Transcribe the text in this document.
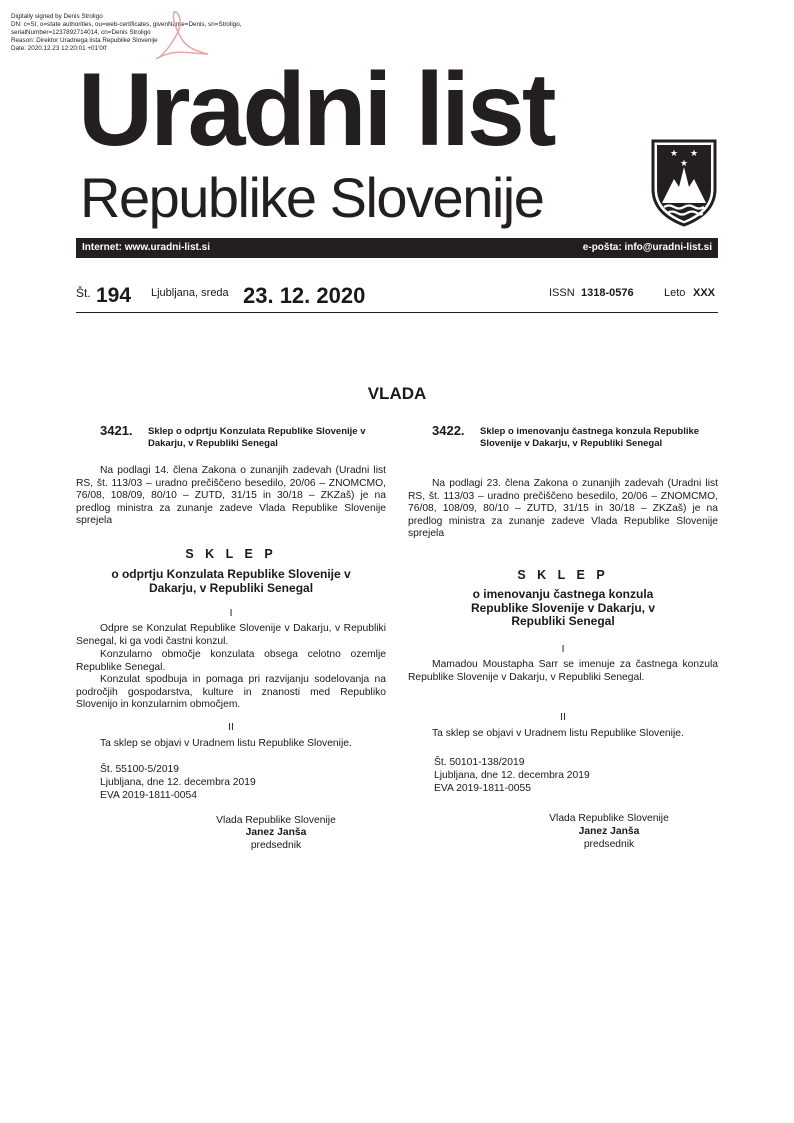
Digitally signed by Denis Stroligo
DN: c=SI, o=state authorities, ou=web-certificates, givenName=Denis, sn=Stroligo,
serialNumber=1237892714014, cn=Denis Stroligo
Reason: Direktor Uradnega lista Republike Slovenije
Date: 2020.12.23 12:20:01 +01'00'
Uradni list
Republike Slovenije
★ ★
★
Internet: www.uradni-list.si	e-pošta: info@uradni-list.si
Št. 194 Ljubljana, sreda 23. 12. 2020	ISSN 1318-0576	Leto XXX
VLADA
3421. Sklep o odprtju Konzulata Republike Slovenije v Dakarju, v Republiki Senegal

Na podlagi 14. člena Zakona o zunanjih zadevah (Uradni list RS, št. 113/03 – uradno prečiščeno besedilo, 20/06 – ZNOMCMO, 76/08, 108/09, 80/10 – ZUTD, 31/15 in 30/18 – ZKZaš) je na predlog ministra za zunanje zadeve Vlada Republike Slovenije sprejela

S K L E P
o odprtju Konzulata Republike Slovenije v Dakarju, v Republiki Senegal
I

Odpre se Konzulat Republike Slovenije v Dakarju, v Republiki Senegal, ki ga vodi častni konzul.

Konzularno območje konzulata obsega celotno ozemlje Republike Senegal.

Konzulat spodbuja in pomaga pri razvijanju sodelovanja na področjih gospodarstva, kulture in znanosti med Republiko Slovenijo in konzularnim območjem.

II

Ta sklep se objavi v Uradnem listu Republike Slovenije.

Št. 55100-5/2019
Ljubljana, dne 12. decembra 2019
EVA 2019-1811-0054
Vlada Republike Slovenije
Janez Janša
predsednik
3422. Sklep o imenovanju častnega konzula Republike Slovenije v Dakarju, v Republiki Senegal

Na podlagi 23. člena Zakona o zunanjih zadevah (Uradni list RS, št. 113/03 – uradno prečiščeno besedilo, 20/06 – ZNOMCMO, 76/08, 108/09, 80/10 – ZUTD, 31/15 in 30/18 – ZKZaš) je na predlog ministra za zunanje zadeve Vlada Republike Slovenije sprejela

S K L E P
o imenovanju častnega konzula Republike Slovenije v Dakarju, v Republiki Senegal
I

Mamadou Moustapha Sarr se imenuje za častnega konzula Republike Slovenije v Dakarju, v Republiki Senegal.

II

Ta sklep se objavi v Uradnem listu Republike Slovenije.

Št. 50101-138/2019
Ljubljana, dne 12. decembra 2019
EVA 2019-1811-0055
Vlada Republike Slovenije
Janez Janša
predsednik
